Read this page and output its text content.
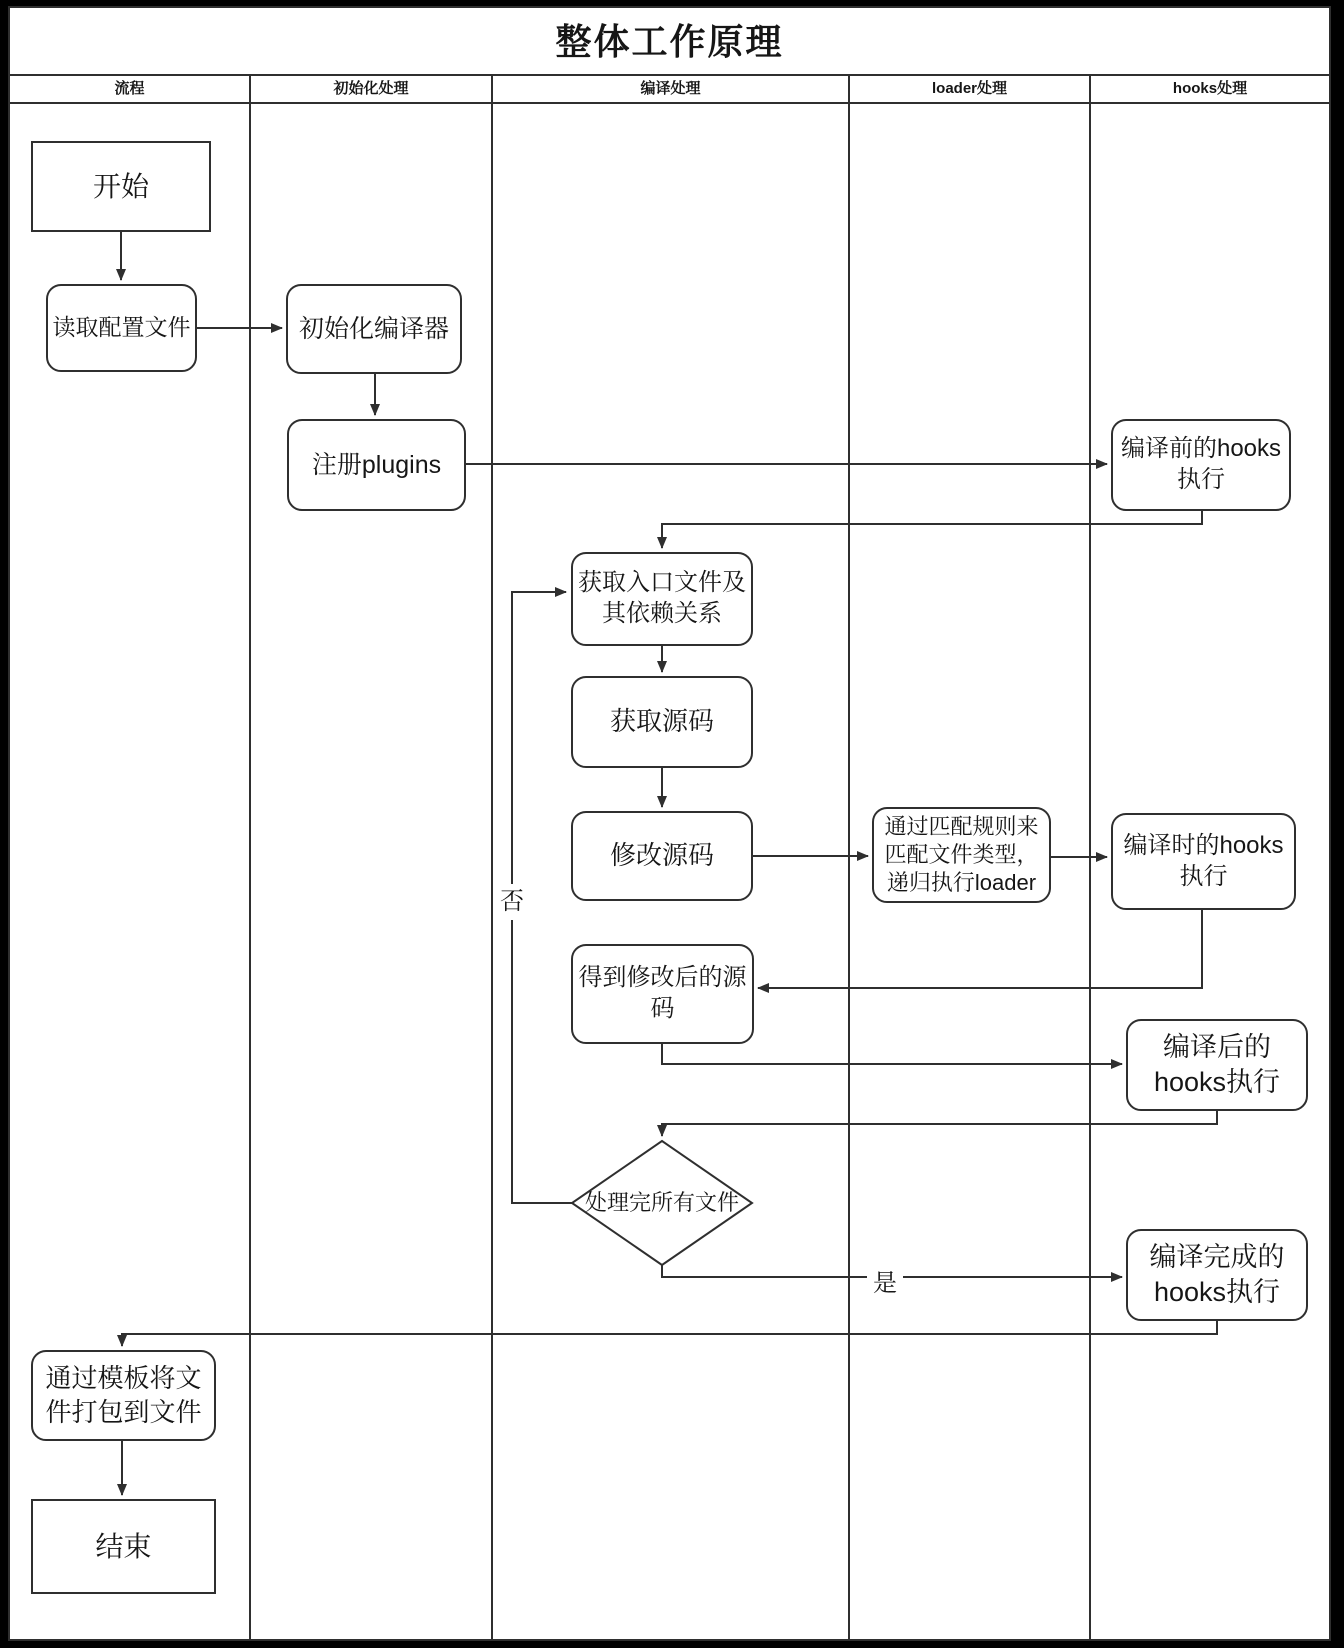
整体工作原理
流程	初始化处理	编译处理	loader处理	hooks处理
开始
读取配置文件	初始化编译器
注册plugins
编译前的hooks
执行
获取入口文件及
其依赖关系
获取源码
修改源码
通过匹配规则来
匹配文件类型，
递归执行loader
编译时的hooks
执行
得到修改后的源
码
编译后的
hooks执行
处理完所有文件
编译完成的
hooks执行
通过模板将文
件打包到文件
结束
否
是
